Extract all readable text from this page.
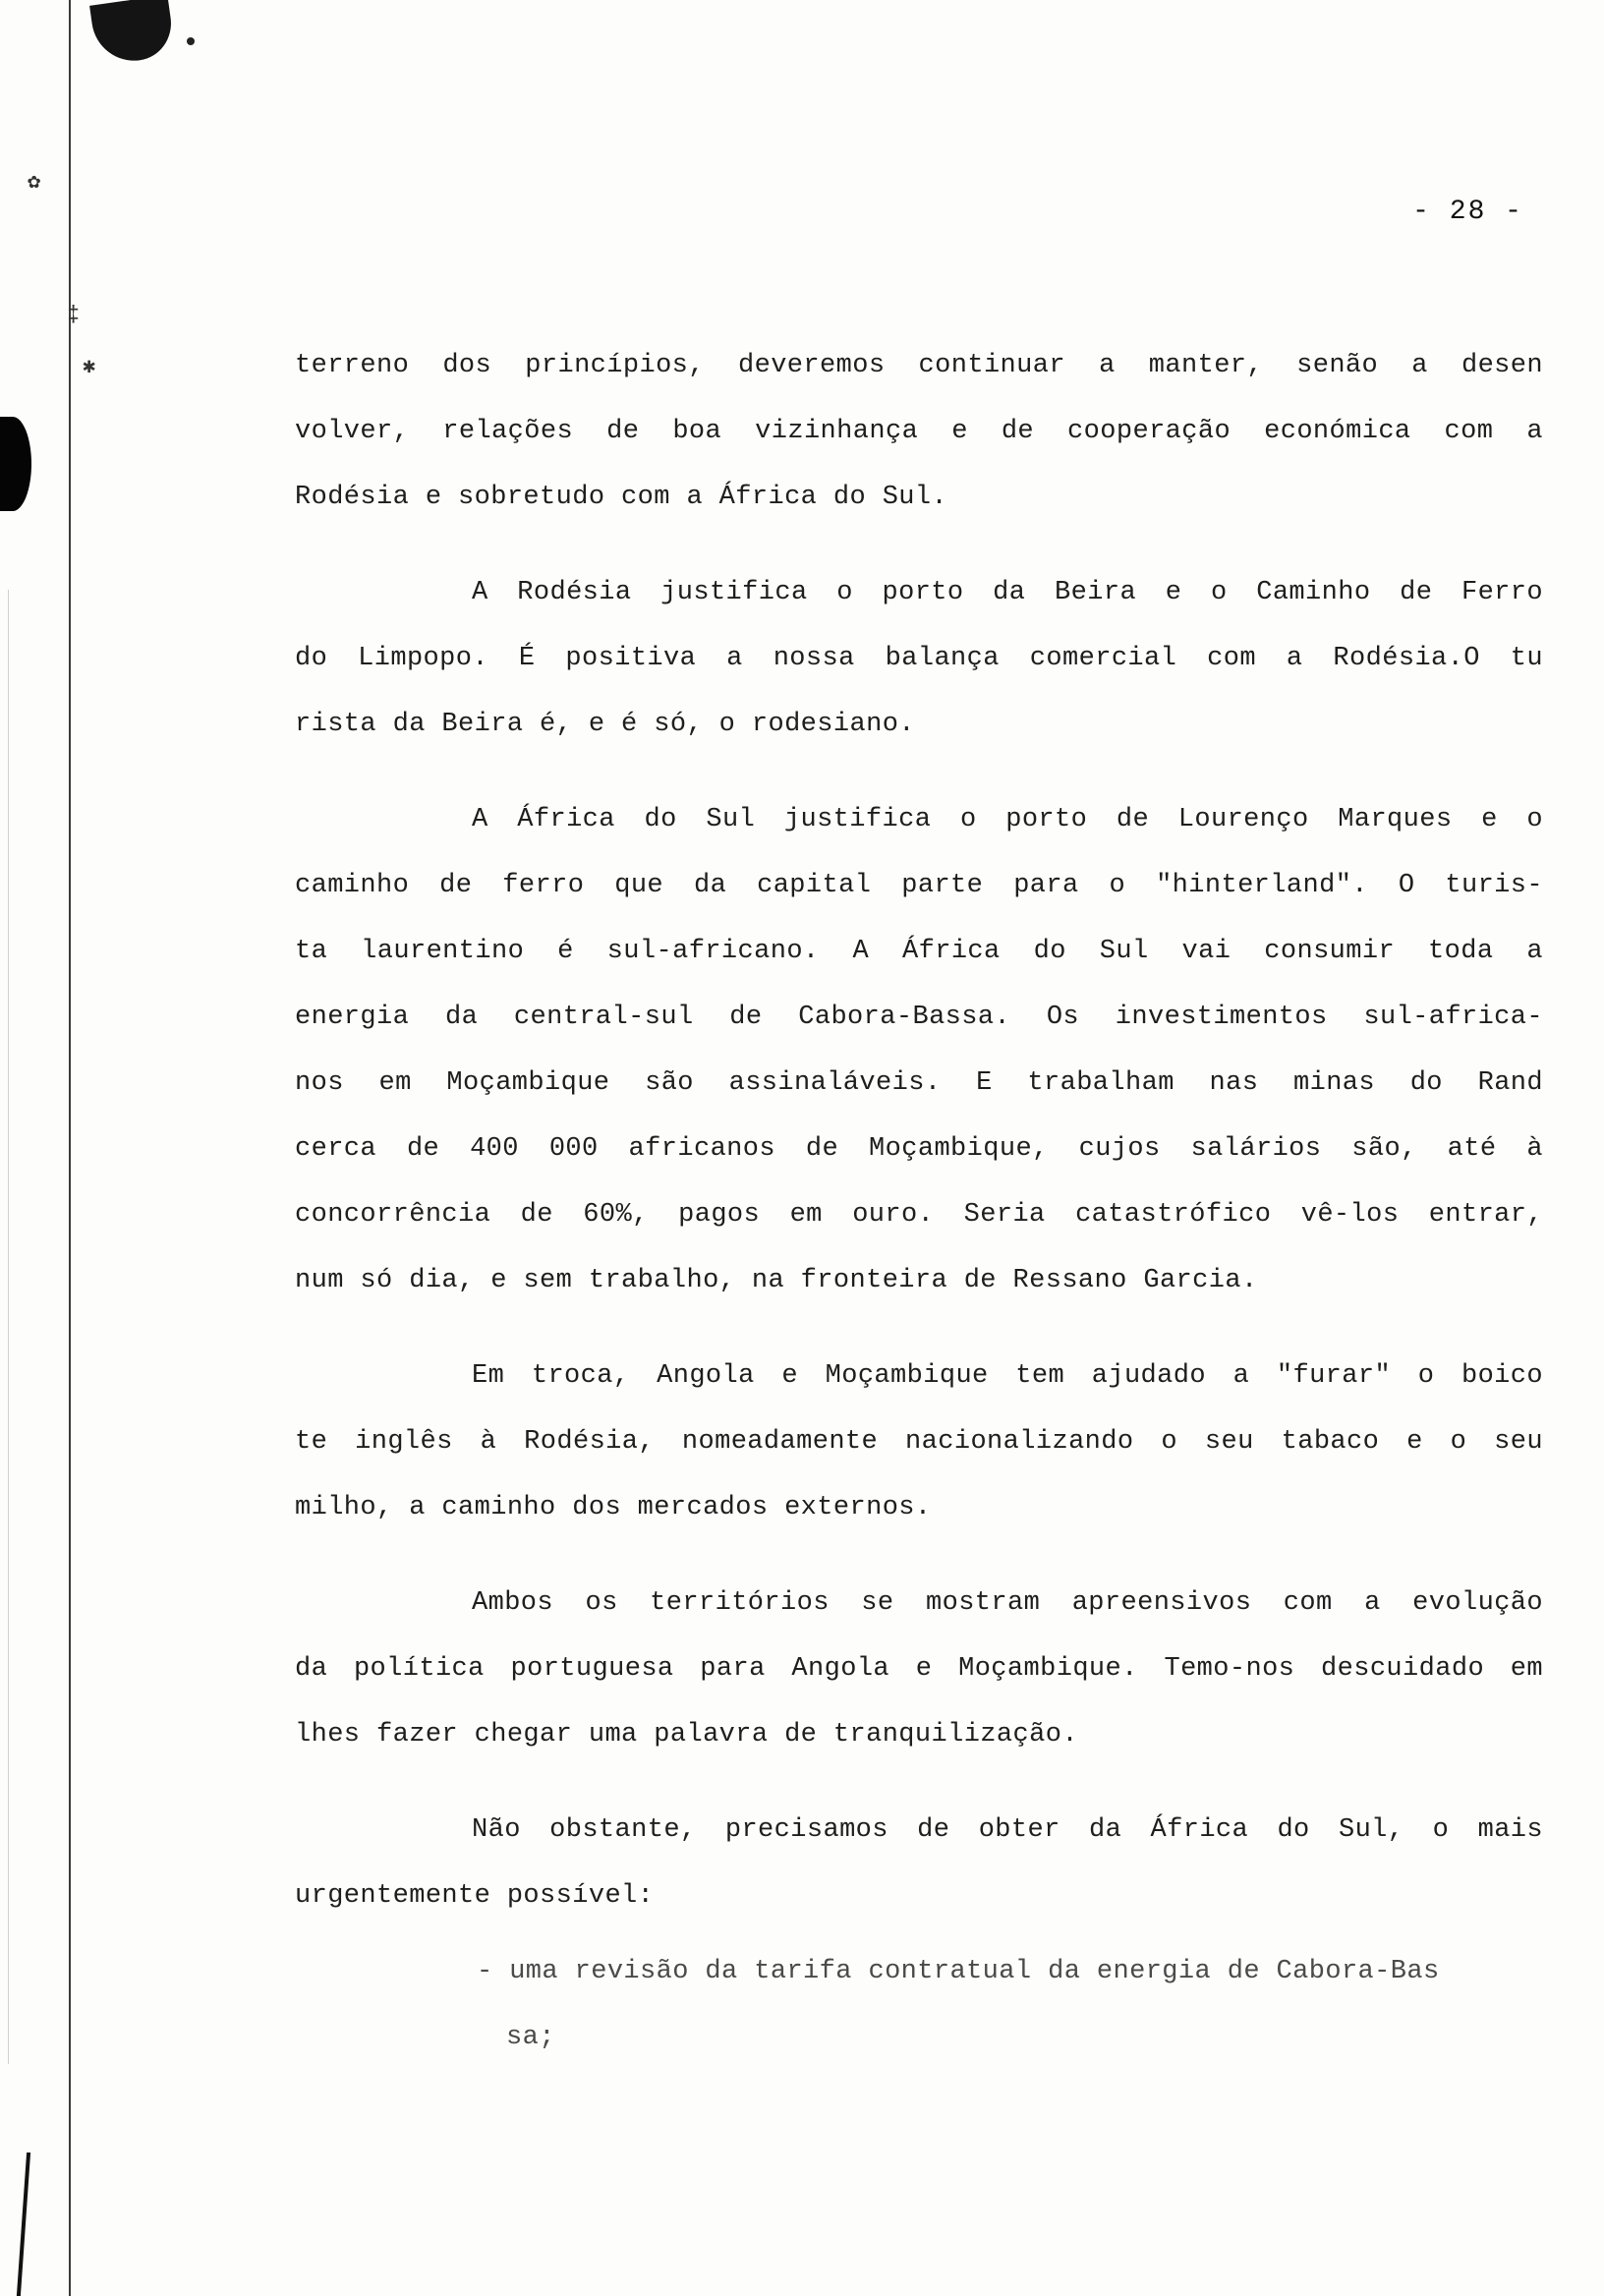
✿
‡
✱
- 28 -
terreno dos princípios, deveremos continuar a manter, senão a desen
volver, relações de boa vizinhança e de cooperação económica com a
Rodésia e sobretudo com a África do Sul.
A Rodésia justifica o porto da Beira e o Caminho de Ferro
do Limpopo. É positiva a nossa balança comercial com a Rodésia.O tu
rista da Beira é, e é só, o rodesiano.
A África do Sul justifica o porto de Lourenço Marques e o
caminho de ferro que da capital parte para o "hinterland". O turis-
ta laurentino é sul-africano. A África do Sul vai consumir toda a
energia da central-sul de Cabora-Bassa. Os investimentos sul-africa-
nos em Moçambique são assinaláveis. E trabalham nas minas do Rand
cerca de 400 000 africanos de Moçambique, cujos salários são, até à
concorrência de 60%, pagos em ouro. Seria catastrófico vê-los entrar,
num só dia, e sem trabalho, na fronteira de Ressano Garcia.
Em troca, Angola e Moçambique tem ajudado a "furar" o boico
te inglês à Rodésia, nomeadamente nacionalizando o seu tabaco e o seu
milho, a caminho dos mercados externos.
Ambos os territórios se mostram apreensivos com a evolução
da política portuguesa para Angola e Moçambique. Temo-nos descuidado em
lhes fazer chegar uma palavra de tranquilização.
Não obstante, precisamos de obter da África do Sul, o mais
urgentemente possível:
- uma revisão da tarifa contratual da energia de Cabora-Bas
sa;
